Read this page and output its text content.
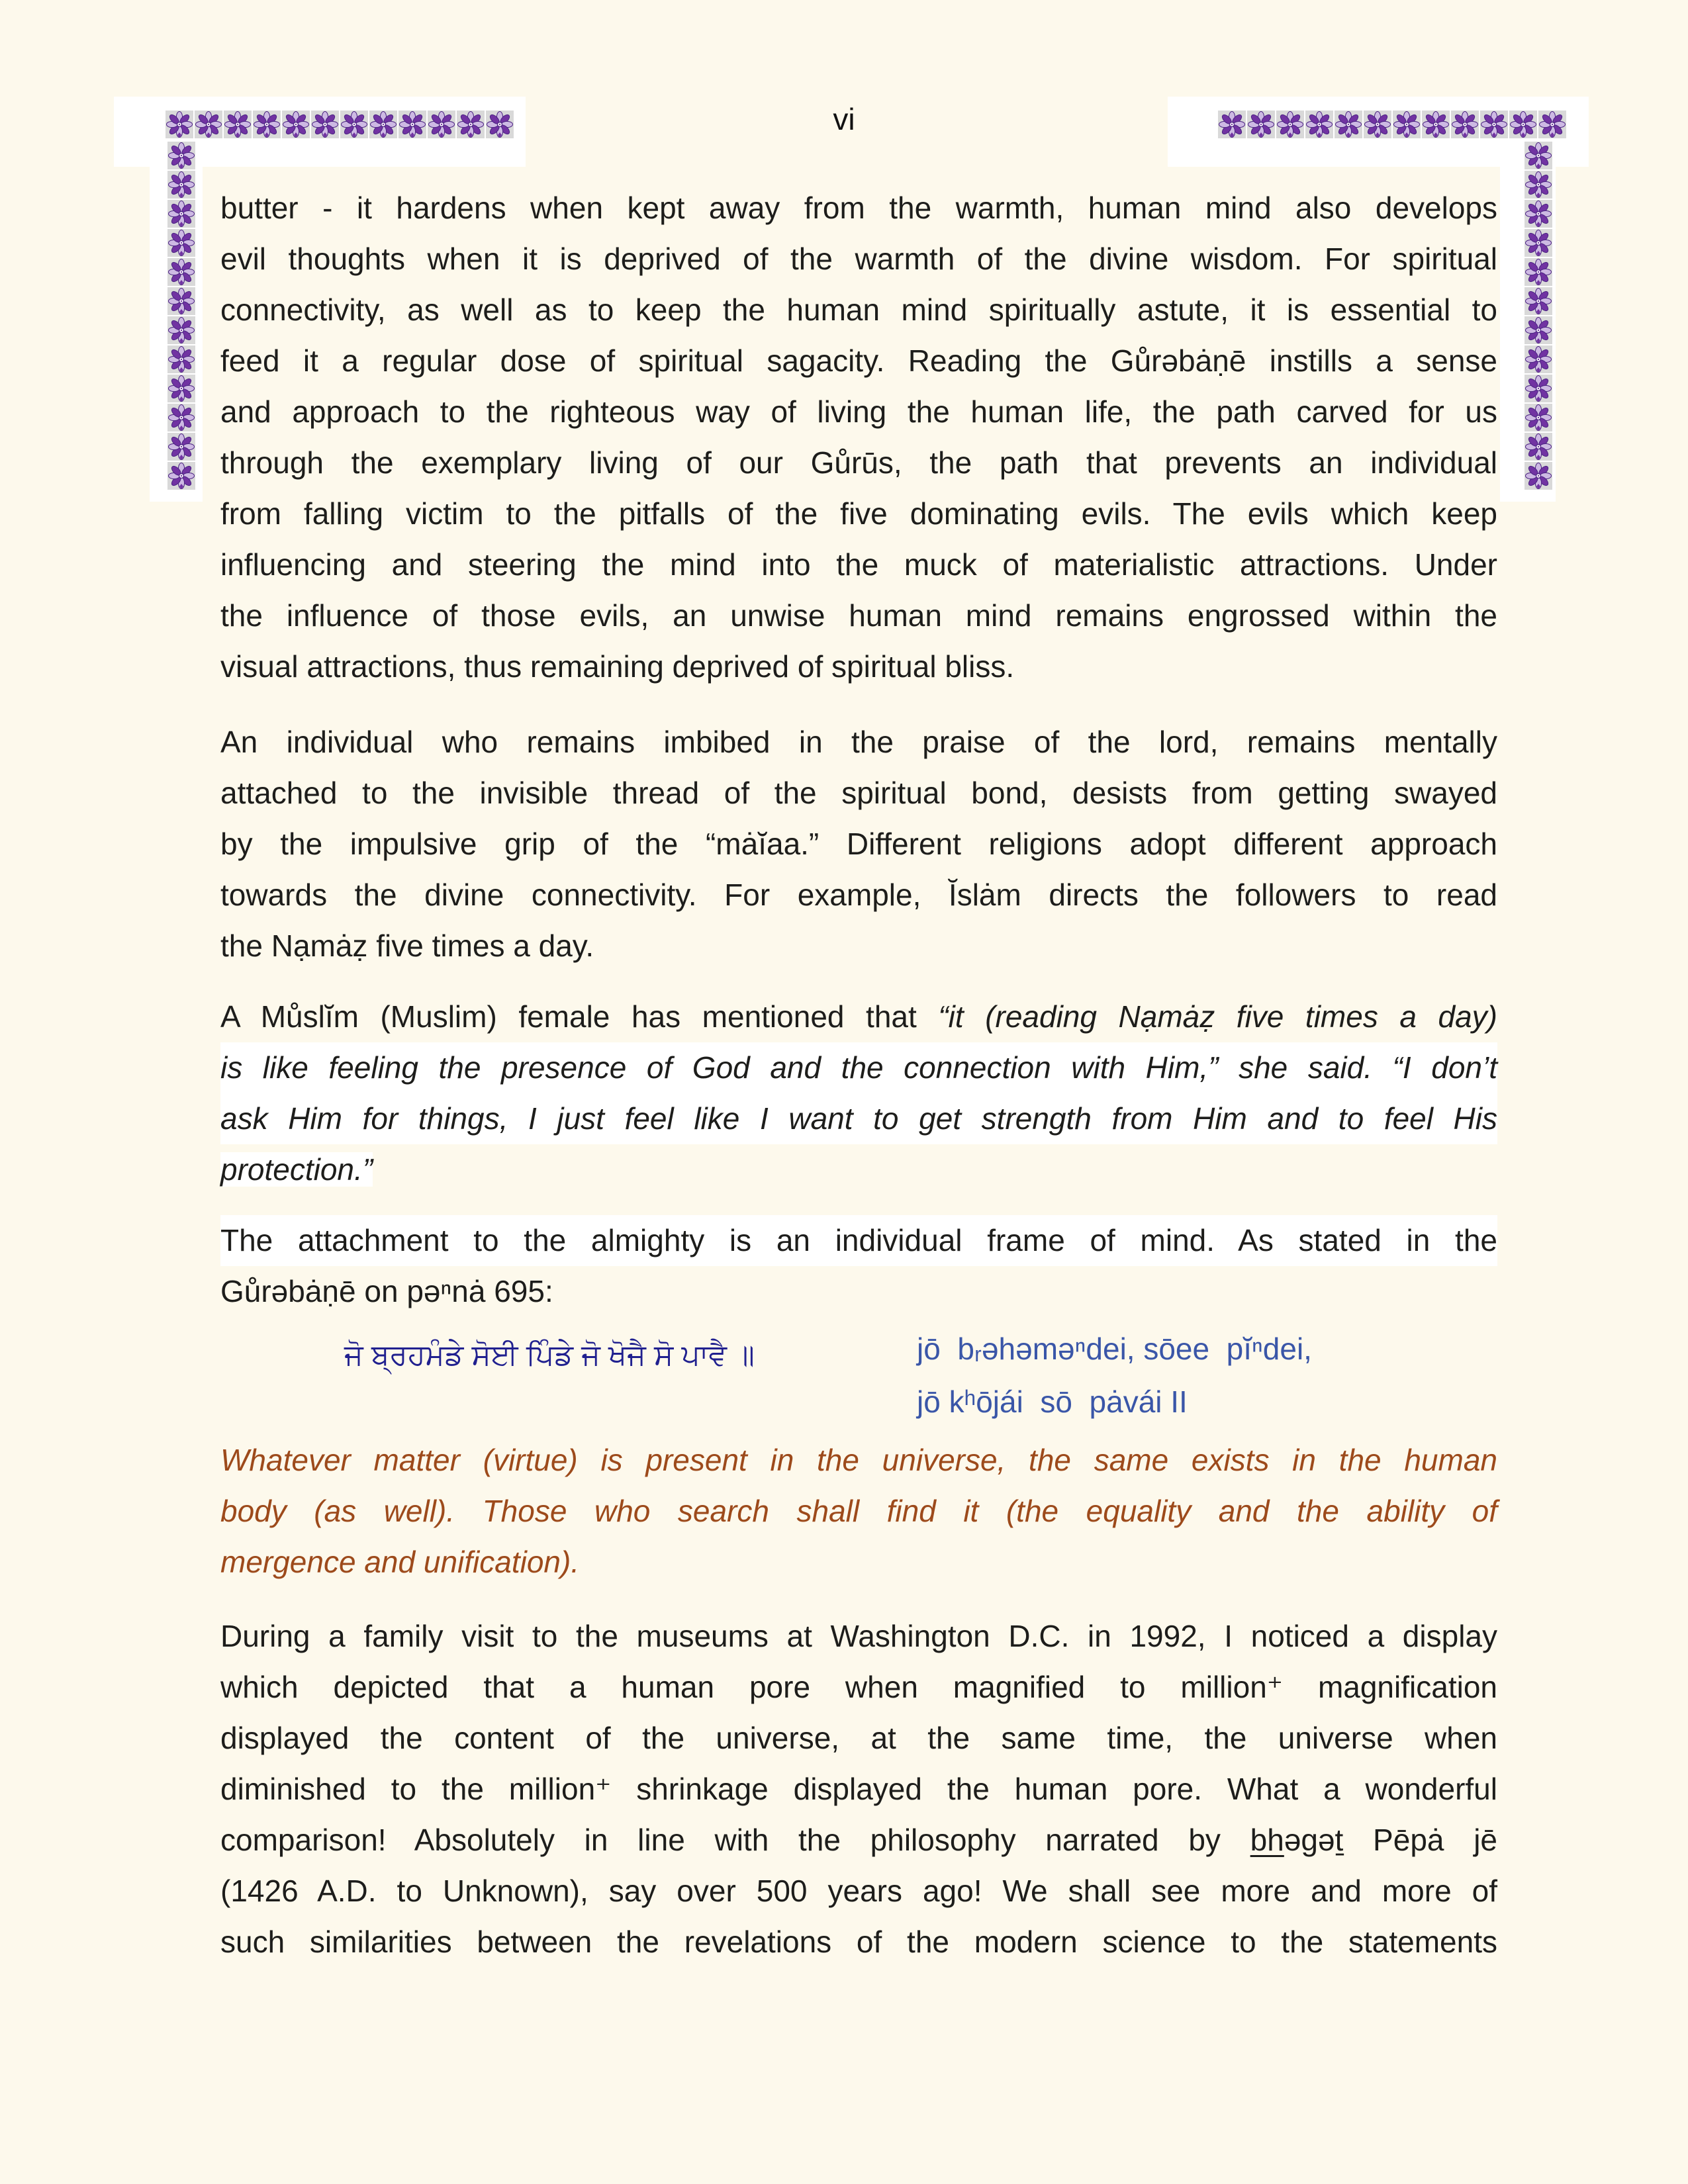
vi
butter - it hardens when kept away from the warmth, human mind also develops
evil thoughts when it is deprived of the warmth of the divine wisdom. For spiritual
connectivity, as well as to keep the human mind spiritually astute, it is essential to
feed it a regular dose of spiritual sagacity. Reading the Gůrəbȧṇē instills a sense
and approach to the righteous way of living the human life, the path carved for us
through the exemplary living of our Gůrūs, the path that prevents an individual
from falling victim to the pitfalls of the five dominating evils. The evils which keep
influencing and steering the mind into the muck of materialistic attractions. Under
the influence of those evils, an unwise human mind remains engrossed within the
visual attractions, thus remaining deprived of spiritual bliss.
An individual who remains imbibed in the praise of the lord, remains mentally
attached to the invisible thread of the spiritual bond, desists from getting swayed
by the impulsive grip of the “mȧĭaa.” Different religions adopt different approach
towards the divine connectivity. For example, Ĭslȧm directs the followers to read
the Nạmȧẓ five times a day.
A Můslĭm (Muslim) female has mentioned that “it (reading Nạmȧẓ five times a day)
is like feeling the presence of God and the connection with Him,” she said. “I don’t
ask Him for things, I just feel like I want to get strength from Him and to feel His
protection.”
The attachment to the almighty is an individual frame of mind. As stated in the
Gůrəbȧṇē on pəⁿnȧ 695:
ਜੋ ਬ੍ਰਹਮੰਡੇ ਸੋਈ ਪਿੰਡੇ ਜੋ ਖੋਜੈ ਸੋ ਪਾਵੈ ॥	jō  bᵣəhəməⁿdei, sōee  pĭⁿdei,
jō kʰōjái  sō  pȧvái II
Whatever matter (virtue) is present in the universe, the same exists in the human
body (as well). Those who search shall find it (the equality and the ability of
mergence and unification).
During a family visit to the museums at Washington D.C. in 1992, I noticed a display
which depicted that a human pore when magnified to million⁺ magnification
displayed the content of the universe, at the same time, the universe when
diminished to the million⁺ shrinkage displayed the human pore. What a wonderful
comparison! Absolutely in line with the philosophy narrated by bhəgəṯ Pēpȧ jē
(1426 A.D. to Unknown), say over 500 years ago! We shall see more and more of
such similarities between the revelations of the modern science to the statements
